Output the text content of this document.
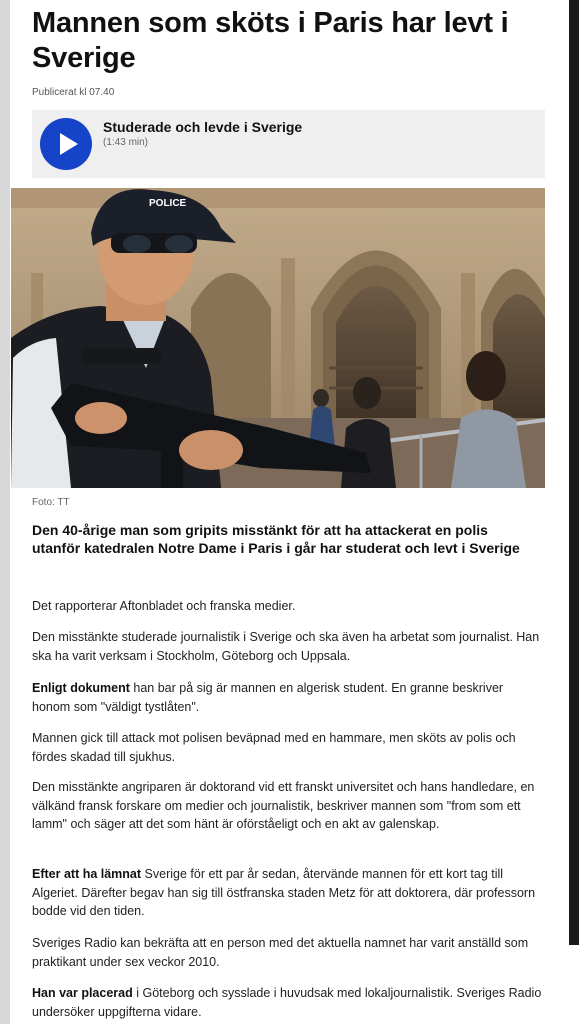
Mannen som sköts i Paris har levt i Sverige
Publicerat kl 07.40
Studerade och levde i Sverige
(1:43 min)
POLICE
Foto: TT

Den 40-årige man som gripits misstänkt för att ha attackerat en polis utanför katedralen Notre Dame i Paris i går har studerat och levt i Sverige

Det rapporterar Aftonbladet och franska medier.

Den misstänkte studerade journalistik i Sverige och ska även ha arbetat som journalist. Han ska ha varit verksam i Stockholm, Göteborg och Uppsala.

Enligt dokument han bar på sig är mannen en algerisk student. En granne beskriver honom som "väldigt tystlåten".

Mannen gick till attack mot polisen beväpnad med en hammare, men sköts av polis och fördes skadad till sjukhus.

Den misstänkte angriparen är doktorand vid ett franskt universitet och hans handledare, en välkänd fransk forskare om medier och journalistik, beskriver mannen som "from som ett lamm" och säger att det som hänt är oförståeligt och en akt av galenskap.

Efter att ha lämnat Sverige för ett par år sedan, återvände mannen för ett kort tag till Algeriet. Därefter begav han sig till östfranska staden Metz för att doktorera, där professorn bodde vid den tiden.

Sveriges Radio kan bekräfta att en person med det aktuella namnet har varit anställd som praktikant under sex veckor 2010.

Han var placerad i Göteborg och sysslade i huvudsak med lokaljournalistik. Sveriges Radio undersöker uppgifterna vidare.
